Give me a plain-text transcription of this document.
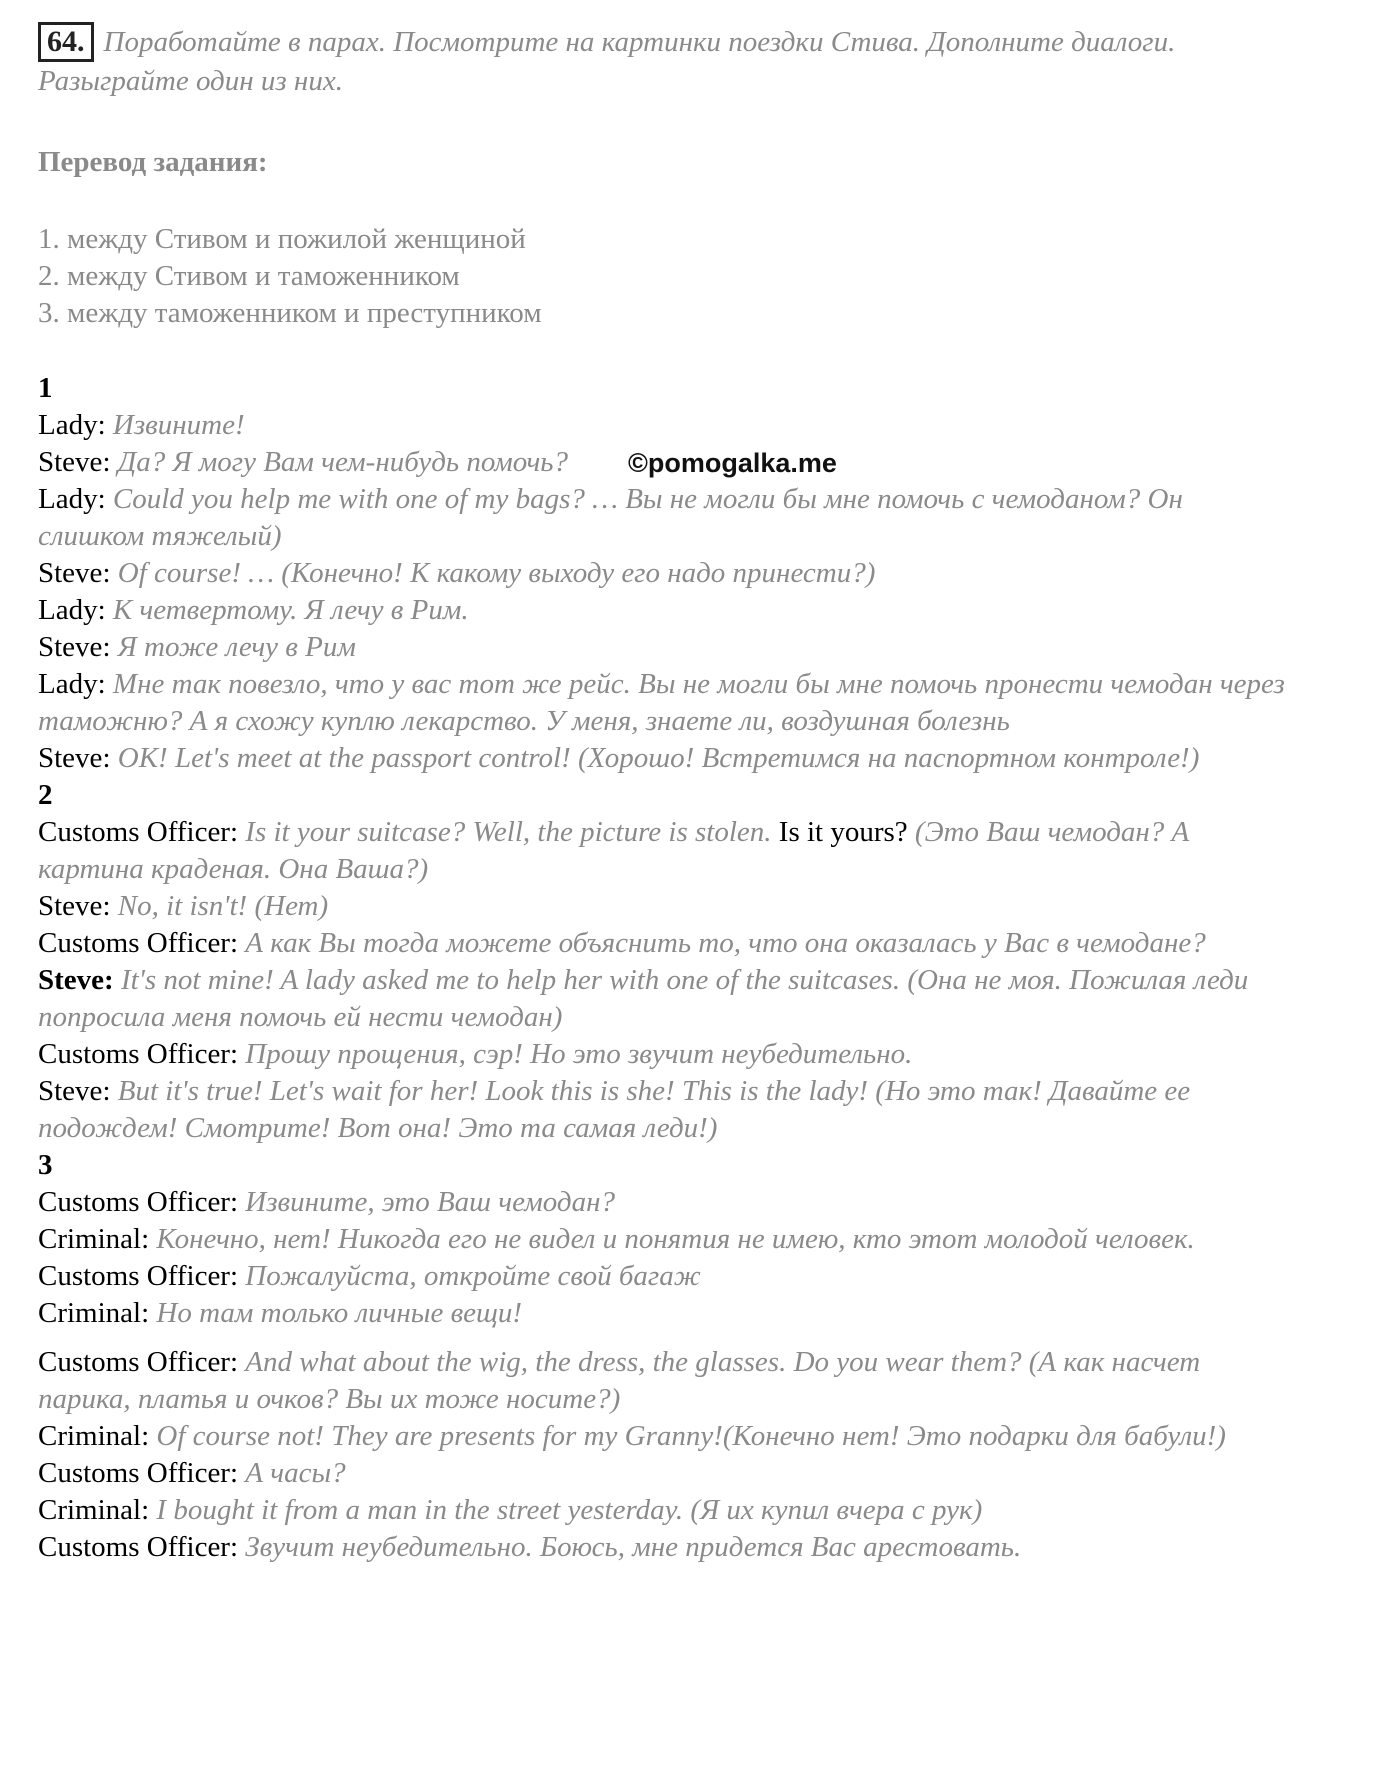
64. Поработайте в парах. Посмотрите на картинки поездки Стива. Дополните диалоги. Разыграйте один из них.

Перевод задания:
1. между Стивом и пожилой женщиной
2. между Стивом и таможенником
3. между таможенником и преступником
1

Lady: Извините!

Steve: Да? Я могу Вам чем-нибудь помочь?

Lady: Could you help me with one of my bags? … Вы не могли бы мне помочь с чемоданом? Он слишком тяжелый)

Steve: Of course! … (Конечно! К какому выходу его надо принести?)

Lady: К четвертому. Я лечу в Рим.

Steve: Я тоже лечу в Рим

Lady: Мне так повезло, что у вас тот же рейс. Вы не могли бы мне помочь пронести чемодан через таможню? А я схожу куплю лекарство. У меня, знаете ли, воздушная болезнь

Steve: OK! Let's meet at the passport control! (Хорошо! Встретимся на паспортном контроле!)

2

Customs Officer: Is it your suitcase? Well, the picture is stolen. Is it yours? (Это Ваш чемодан? А картина краденая. Она Ваша?)

Steve: No, it isn't! (Нет)

Customs Officer: А как Вы тогда можете объяснить то, что она оказалась у Вас в чемодане?

Steve: It's not mine! A lady asked me to help her with one of the suitcases. (Она не моя. Пожилая леди попросила меня помочь ей нести чемодан)

Customs Officer: Прошу прощения, сэр! Но это звучит неубедительно.

Steve: But it's true! Let's wait for her! Look this is she! This is the lady! (Но это так! Давайте ее подождем! Смотрите! Вот она! Это та самая леди!)

3

Customs Officer: Извините, это Ваш чемодан?

Criminal: Конечно, нет! Никогда его не видел и понятия не имею, кто этот молодой человек.

Customs Officer: Пожалуйста, откройте свой багаж

Criminal: Но там только личные вещи!

Customs Officer: And what about the wig, the dress, the glasses. Do you wear them? (А как насчет парика, платья и очков? Вы их тоже носите?)

Criminal: Of course not! They are presents for my Granny!(Конечно нет! Это подарки для бабули!)

Customs Officer: А часы?

Criminal: I bought it from a man in the street yesterday. (Я их купил вчера с рук)

Customs Officer: Звучит неубедительно. Боюсь, мне придется Вас арестовать.

©pomogalka.me
